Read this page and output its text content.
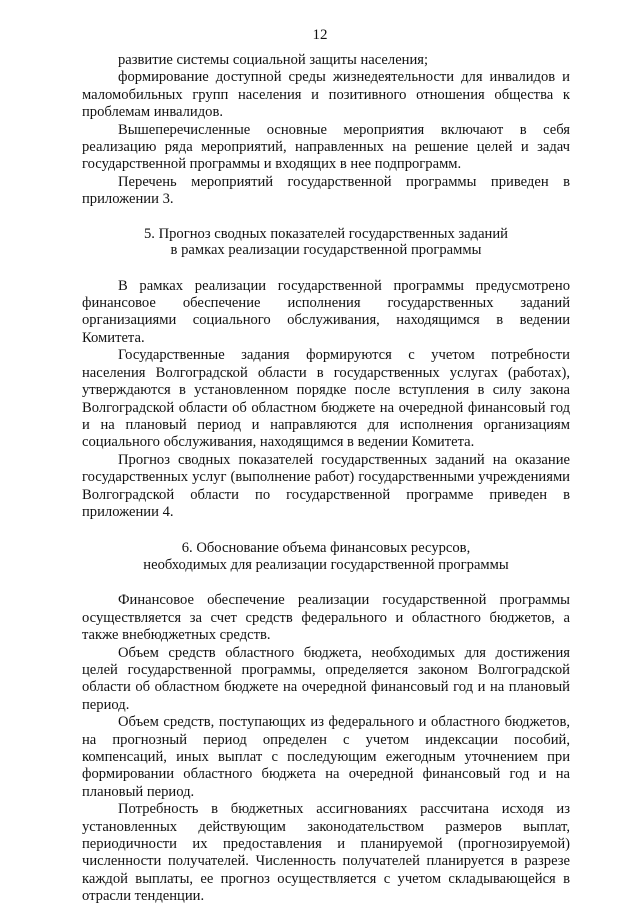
12

развитие системы социальной защиты населения;

формирование доступной среды жизнедеятельности для инвалидов и маломобильных групп населения и позитивного отношения общества к проблемам инвалидов.

Вышеперечисленные основные мероприятия включают в себя реализацию ряда мероприятий, направленных на решение целей и задач государственной программы и входящих в нее подпрограмм.

Перечень мероприятий государственной программы приведен в приложении 3.

5. Прогноз сводных показателей государственных заданий

в рамках реализации государственной программы

В рамках реализации государственной программы предусмотрено финансовое обеспечение исполнения государственных заданий организациями социального обслуживания, находящимся в ведении Комитета.

Государственные задания формируются с учетом потребности населения Волгоградской области в государственных услугах (работах), утверждаются в установленном порядке после вступления в силу закона Волгоградской области об областном бюджете на очередной финансовый год и на плановый период и направляются для исполнения организациям социального обслуживания, находящимся в ведении Комитета.

Прогноз сводных показателей государственных заданий на оказание государственных услуг (выполнение работ) государственными учреждениями Волгоградской области по государственной программе приведен в приложении 4.

6. Обоснование объема финансовых ресурсов,

необходимых для реализации государственной программы

Финансовое обеспечение реализации государственной программы осуществляется за счет средств федерального и областного бюджетов, а также внебюджетных средств.

Объем средств областного бюджета, необходимых для достижения целей государственной программы, определяется законом Волгоградской области об областном бюджете на очередной финансовый год и на плановый период.

Объем средств, поступающих из федерального и областного бюджетов, на прогнозный период определен с учетом индексации пособий, компенсаций, иных выплат с последующим ежегодным уточнением при формировании областного бюджета на очередной финансовый год и на плановый период.

Потребность в бюджетных ассигнованиях рассчитана исходя из установленных действующим законодательством размеров выплат, периодичности их предоставления и планируемой (прогнозируемой) численности получателей. Численность получателей планируется в разрезе каждой выплаты, ее прогноз осуществляется с учетом складывающейся в отрасли тенденции.
